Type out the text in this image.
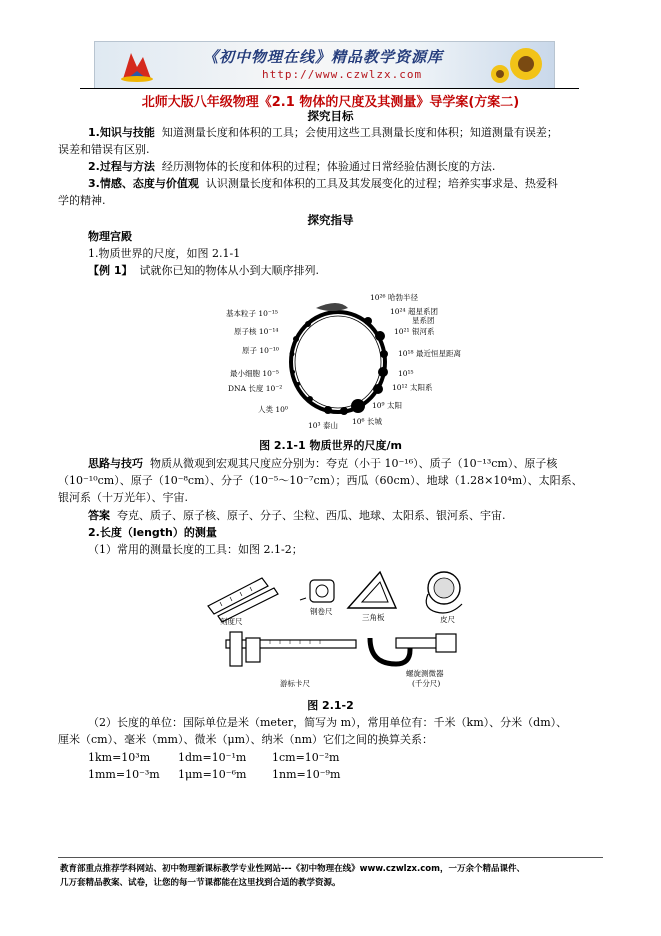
《初中物理在线》精品教学资源库
http://www.czwlzx.com
北师大版八年级物理《2.1 物体的尺度及其测量》导学案(方案二)
探究目标

1.知识与技能 知道测量长度和体积的工具；会使用这些工具测量长度和体积；知道测量有误差；

误差和错误有区别.

2.过程与方法 经历测物体的长度和体积的过程；体验通过日常经验估测长度的方法.

3.情感、态度与价值观 认识测量长度和体积的工具及其发展变化的过程；培养实事求是、热爱科

学的精神.

探究指导

物理宫殿

1.物质世界的尺度，如图 2.1-1

【例 1】 试就你已知的物体从小到大顺序排列.

基本粒子 10⁻¹⁵
原子核 10⁻¹⁴
原子 10⁻¹⁰
最小细胞 10⁻⁵
DNA 长度 10⁻²
人类 10⁰
10³ 泰山 10⁶ 长城
10⁹ 太阳
10²⁶ 哈勃半径
10²⁴ 超星系团
星系团
10²¹ 银河系
10¹⁸ 最近恒星距离
10¹⁵
10¹² 太阳系
图 2.1-1 物质世界的尺度/m

思路与技巧 物质从微观到宏观其尺度应分别为：夸克（小于 10⁻¹⁶）、质子（10⁻¹³cm）、原子核

（10⁻¹⁰cm）、原子（10⁻⁸cm）、分子（10⁻⁵～10⁻⁷cm）；西瓜（60cm）、地球（1.28×10⁴m）、太阳系、

银河系（十万光年）、宇宙.

答案 夸克、质子、原子核、原子、分子、尘粒、西瓜、地球、太阳系、银河系、宇宙.

2.长度（length）的测量

（1）常用的测量长度的工具：如图 2.1-2；

刻度尺
钢卷尺
三角板	皮尺
游标卡尺
螺旋测微器
(千分尺)
图 2.1-2

（2）长度的单位：国际单位是米（meter，简写为 m），常用单位有：千米（km）、分米（dm）、

厘米（cm）、毫米（mm）、微米（μm）、纳米（nm）它们之间的换算关系：

1km=10³m	1dm=10⁻¹m 1cm=10⁻²m
1mm=10⁻³m 1μm=10⁻⁶m 1nm=10⁻⁹m
教育部重点推荐学科网站、初中物理新课标教学专业性网站---《初中物理在线》www.czwlzx.com，一万余个精品课件、
几万套精品教案、试卷，让您的每一节课都能在这里找到合适的教学资源。
